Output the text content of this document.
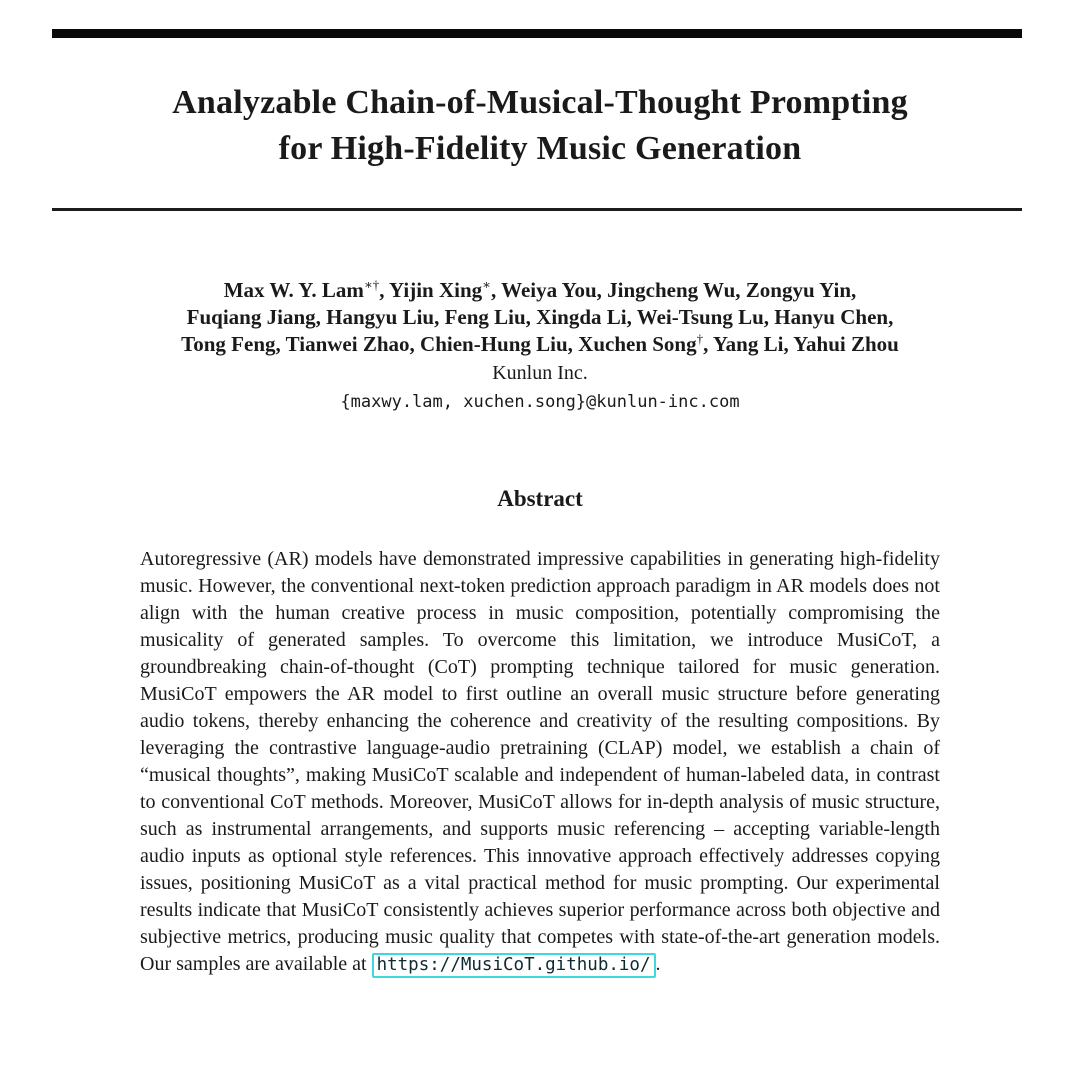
Analyzable Chain-of-Musical-Thought Prompting
for High-Fidelity Music Generation
Max W. Y. Lam∗†, Yijin Xing∗, Weiya You, Jingcheng Wu, Zongyu Yin,
Fuqiang Jiang, Hangyu Liu, Feng Liu, Xingda Li, Wei-Tsung Lu, Hanyu Chen,
Tong Feng, Tianwei Zhao, Chien-Hung Liu, Xuchen Song†, Yang Li, Yahui Zhou
Kunlun Inc.
{maxwy.lam, xuchen.song}@kunlun-inc.com
Abstract

Autoregressive (AR) models have demonstrated impressive capabilities in generating high-fidelity music. However, the conventional next-token prediction approach paradigm in AR models does not align with the human creative process in music composition, potentially compromising the musicality of generated samples. To overcome this limitation, we introduce MusiCoT, a groundbreaking chain-of-thought (CoT) prompting technique tailored for music generation. MusiCoT empowers the AR model to first outline an overall music structure before generating audio tokens, thereby enhancing the coherence and creativity of the resulting compositions. By leveraging the contrastive language-audio pretraining (CLAP) model, we establish a chain of “musical thoughts”, making MusiCoT scalable and independent of human-labeled data, in contrast to conventional CoT methods. Moreover, MusiCoT allows for in-depth analysis of music structure, such as instrumental arrangements, and supports music referencing – accepting variable-length audio inputs as optional style references. This innovative approach effectively addresses copying issues, positioning MusiCoT as a vital practical method for music prompting. Our experimental results indicate that MusiCoT consistently achieves superior performance across both objective and subjective metrics, producing music quality that competes with state-of-the-art generation models. Our samples are available at https://MusiCoT.github.io/ .
